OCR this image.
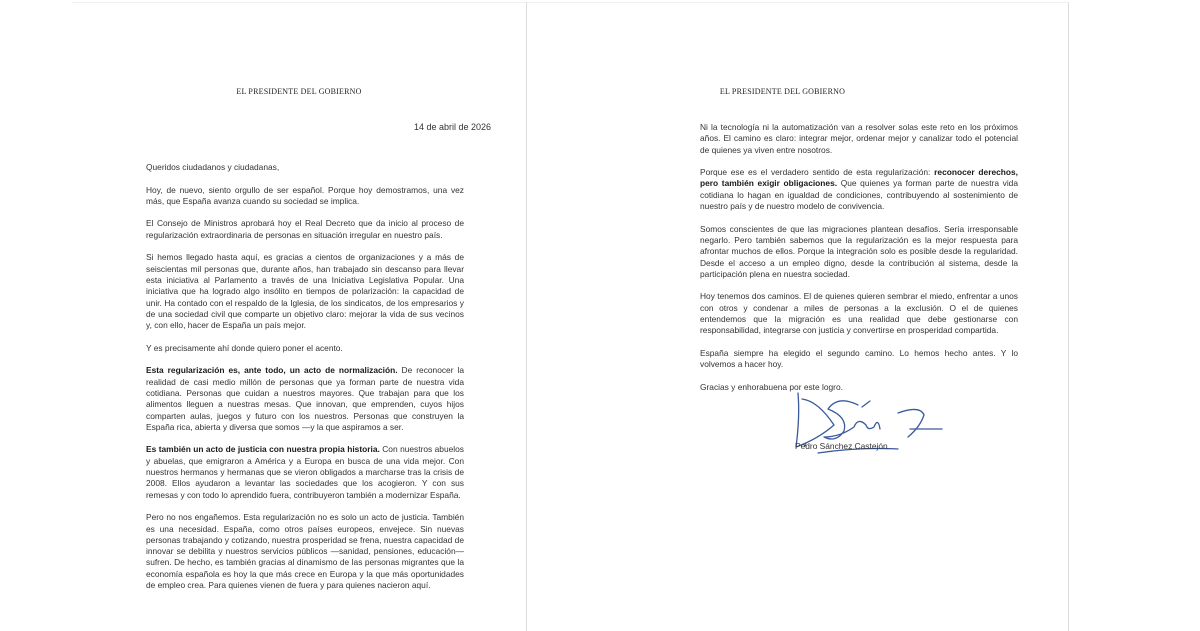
EL PRESIDENTE DEL GOBIERNO
14 de abril de 2026

Queridos ciudadanos y ciudadanas,

Hoy, de nuevo, siento orgullo de ser español. Porque hoy demostramos, una vez más, que España avanza cuando su sociedad se implica.

El Consejo de Ministros aprobará hoy el Real Decreto que da inicio al proceso de regularización extraordinaria de personas en situación irregular en nuestro país.

Si hemos llegado hasta aquí, es gracias a cientos de organizaciones y a más de seiscientas mil personas que, durante años, han trabajado sin descanso para llevar esta iniciativa al Parlamento a través de una Iniciativa Legislativa Popular. Una iniciativa que ha logrado algo insólito en tiempos de polarización: la capacidad de unir. Ha contado con el respaldo de la Iglesia, de los sindicatos, de los empresarios y de una sociedad civil que comparte un objetivo claro: mejorar la vida de sus vecinos y, con ello, hacer de España un país mejor.

Y es precisamente ahí donde quiero poner el acento.

Esta regularización es, ante todo, un acto de normalización. De reconocer la realidad de casi medio millón de personas que ya forman parte de nuestra vida cotidiana. Personas que cuidan a nuestros mayores. Que trabajan para que los alimentos lleguen a nuestras mesas. Que innovan, que emprenden, cuyos hijos comparten aulas, juegos y futuro con los nuestros. Personas que construyen la España rica, abierta y diversa que somos —y la que aspiramos a ser.

Es también un acto de justicia con nuestra propia historia. Con nuestros abuelos y abuelas, que emigraron a América y a Europa en busca de una vida mejor. Con nuestros hermanos y hermanas que se vieron obligados a marcharse tras la crisis de 2008. Ellos ayudaron a levantar las sociedades que los acogieron. Y con sus remesas y con todo lo aprendido fuera, contribuyeron también a modernizar España.

Pero no nos engañemos. Esta regularización no es solo un acto de justicia. También es una necesidad. España, como otros países europeos, envejece. Sin nuevas personas trabajando y cotizando, nuestra prosperidad se frena, nuestra capacidad de innovar se debilita y nuestros servicios públicos —sanidad, pensiones, educación— sufren. De hecho, es también gracias al dinamismo de las personas migrantes que la economía española es hoy la que más crece en Europa y la que más oportunidades de empleo crea. Para quienes vienen de fuera y para quienes nacieron aquí.

EL PRESIDENTE DEL GOBIERNO

Ni la tecnología ni la automatización van a resolver solas este reto en los próximos años. El camino es claro: integrar mejor, ordenar mejor y canalizar todo el potencial de quienes ya viven entre nosotros.

Porque ese es el verdadero sentido de esta regularización: reconocer derechos, pero también exigir obligaciones. Que quienes ya forman parte de nuestra vida cotidiana lo hagan en igualdad de condiciones, contribuyendo al sostenimiento de nuestro país y de nuestro modelo de convivencia.

Somos conscientes de que las migraciones plantean desafíos. Sería irresponsable negarlo. Pero también sabemos que la regularización es la mejor respuesta para afrontar muchos de ellos. Porque la integración solo es posible desde la regularidad. Desde el acceso a un empleo digno, desde la contribución al sistema, desde la participación plena en nuestra sociedad.

Hoy tenemos dos caminos. El de quienes quieren sembrar el miedo, enfrentar a unos con otros y condenar a miles de personas a la exclusión. O el de quienes entendemos que la migración es una realidad que debe gestionarse con responsabilidad, integrarse con justicia y convertirse en prosperidad compartida.

España siempre ha elegido el segundo camino. Lo hemos hecho antes. Y lo volvemos a hacer hoy.

Gracias y enhorabuena por este logro.

Pedro Sánchez Castejón
